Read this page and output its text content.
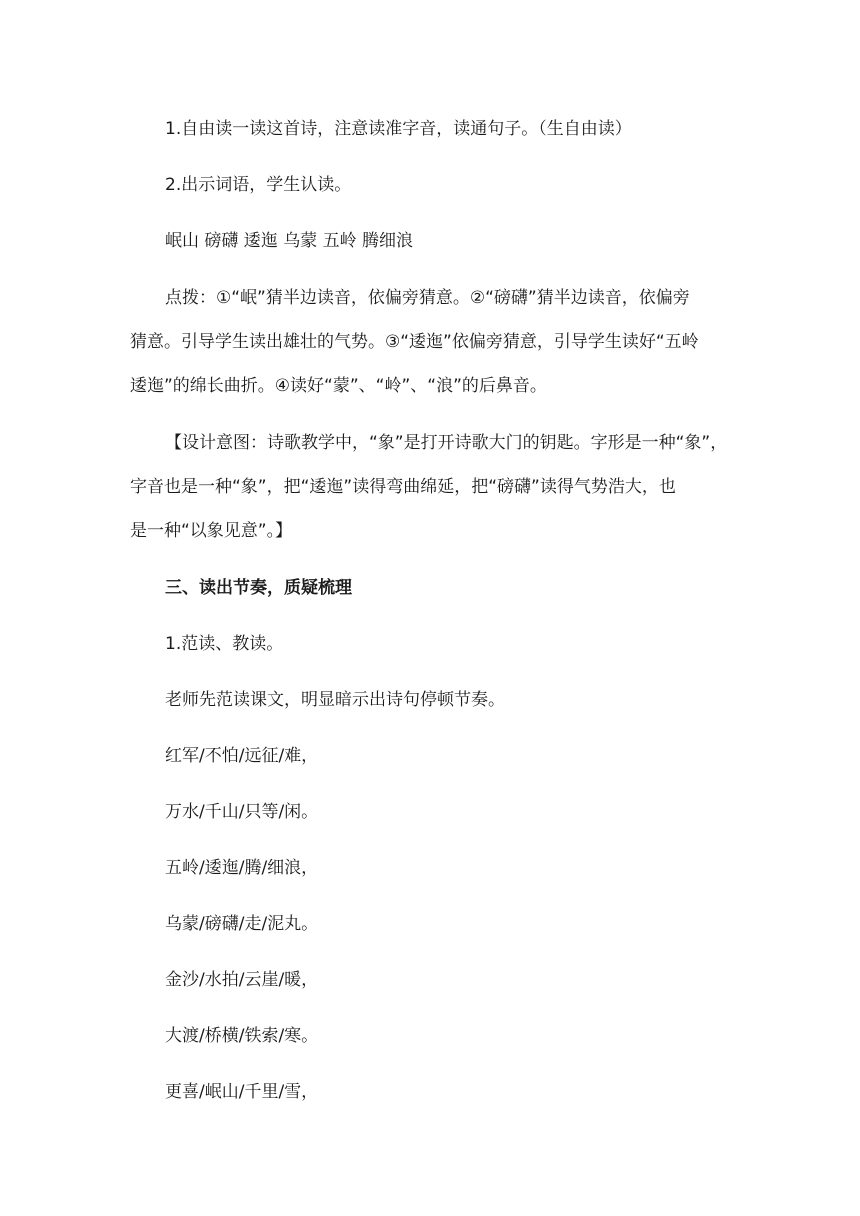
1.自由读一读这首诗，注意读准字音，读通句子。（生自由读）
2.出示词语，学生认读。
岷山 磅礴 逶迤 乌蒙 五岭 腾细浪
点拨：①“岷”猜半边读音，依偏旁猜意。②“磅礴”猜半边读音，依偏旁
猜意。引导学生读出雄壮的气势。③“逶迤”依偏旁猜意，引导学生读好“五岭
逶迤”的绵长曲折。④读好“蒙”、“岭”、“浪”的后鼻音。
【设计意图：诗歌教学中，“象”是打开诗歌大门的钥匙。字形是一种“象”，
字音也是一种“象”，把“逶迤”读得弯曲绵延，把“磅礴”读得气势浩大，也
是一种“以象见意”。】
三、读出节奏，质疑梳理
1.范读、教读。
老师先范读课文，明显暗示出诗句停顿节奏。
红军/不怕/远征/难，
万水/千山/只等/闲。
五岭/逶迤/腾/细浪，
乌蒙/磅礴/走/泥丸。
金沙/水拍/云崖/暖，
大渡/桥横/铁索/寒。
更喜/岷山/千里/雪，
